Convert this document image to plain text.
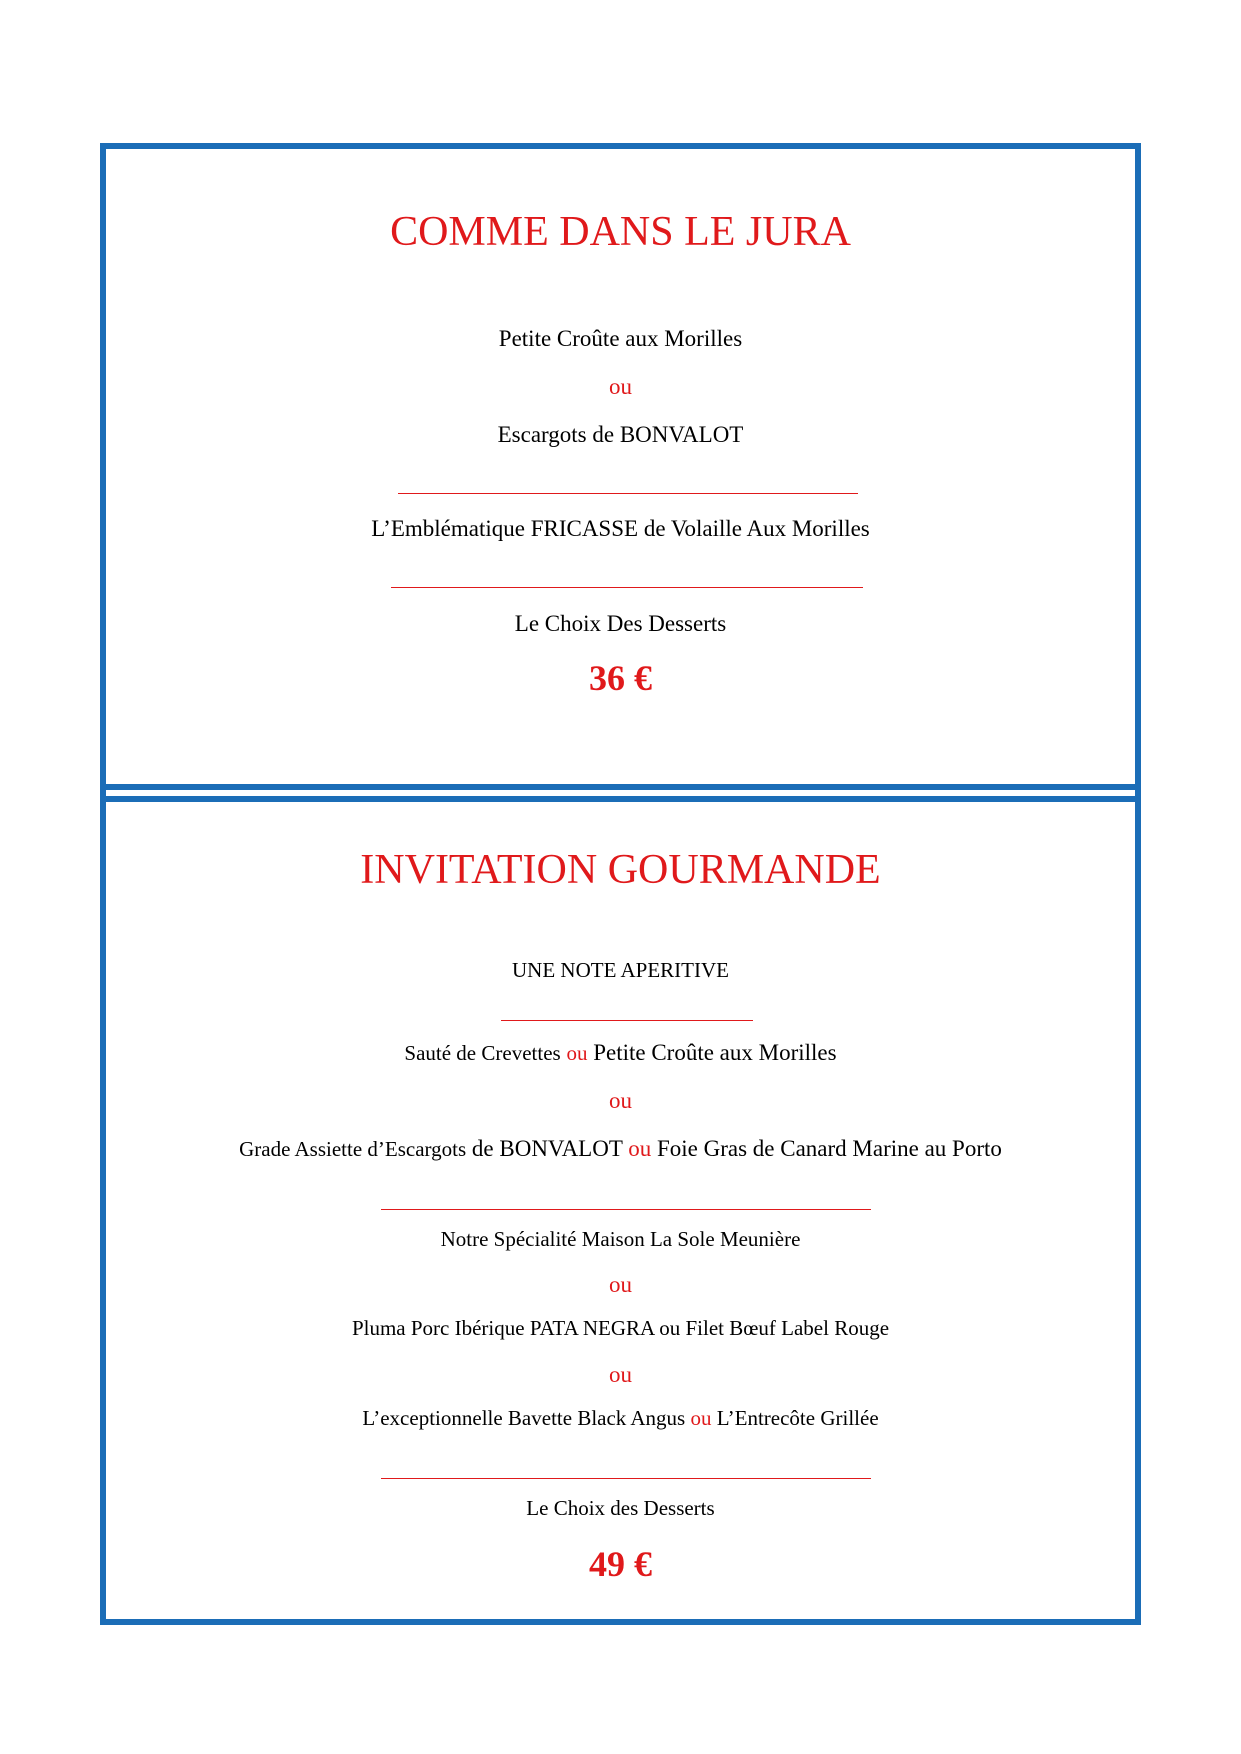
COMME DANS LE JURA
Petite Croûte aux Morilles
ou
Escargots de BONVALOT
L’Emblématique FRICASSE de Volaille Aux Morilles
Le Choix Des Desserts
36 €
INVITATION GOURMANDE
UNE NOTE APERITIVE
Sauté de Crevettes ou Petite Croûte aux Morilles
ou
Grade Assiette d’Escargots de BONVALOT ou Foie Gras de Canard Marine au Porto
Notre Spécialité Maison La Sole Meunière
ou
Pluma Porc Ibérique PATA NEGRA ou Filet Bœuf Label Rouge
ou
L’exceptionnelle Bavette Black Angus ou L’Entrecôte Grillée
Le Choix des Desserts
49 €
